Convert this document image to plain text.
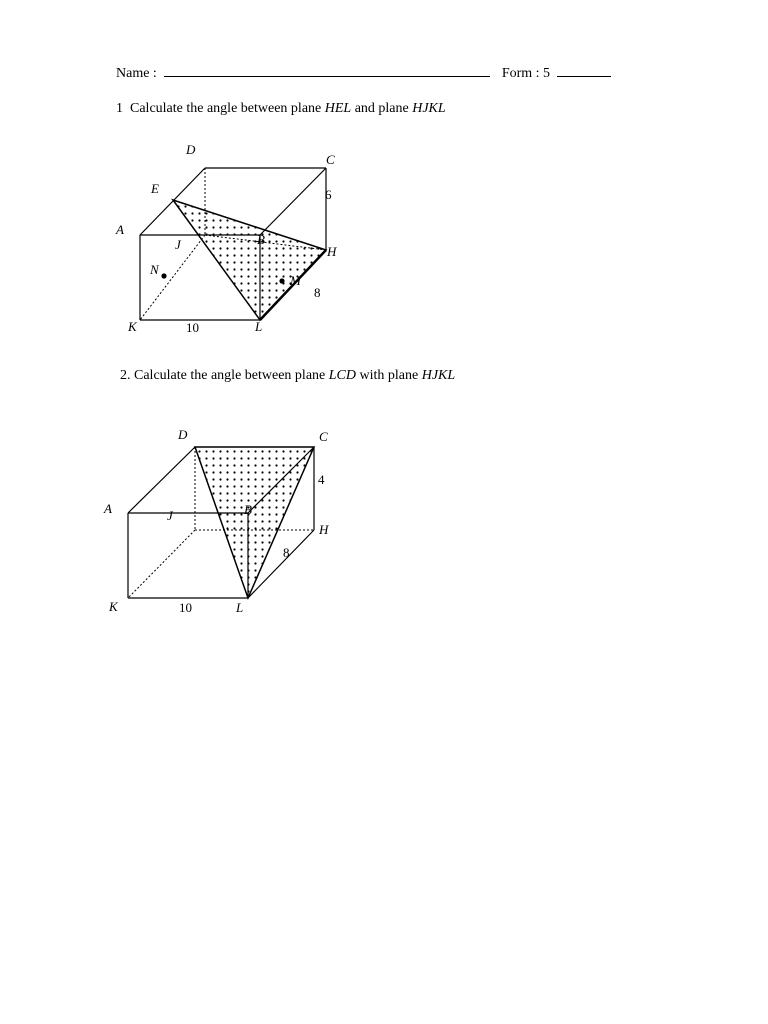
Name :	Form : 5
1 Calculate the angle between plane HEL and plane HJKL
D
C
E
A
J	B
H
N
M
K	L
6
8
10
2. Calculate the angle between plane LCD with plane HJKL
D	C
A	J	B
H
K	L
4
8
10
